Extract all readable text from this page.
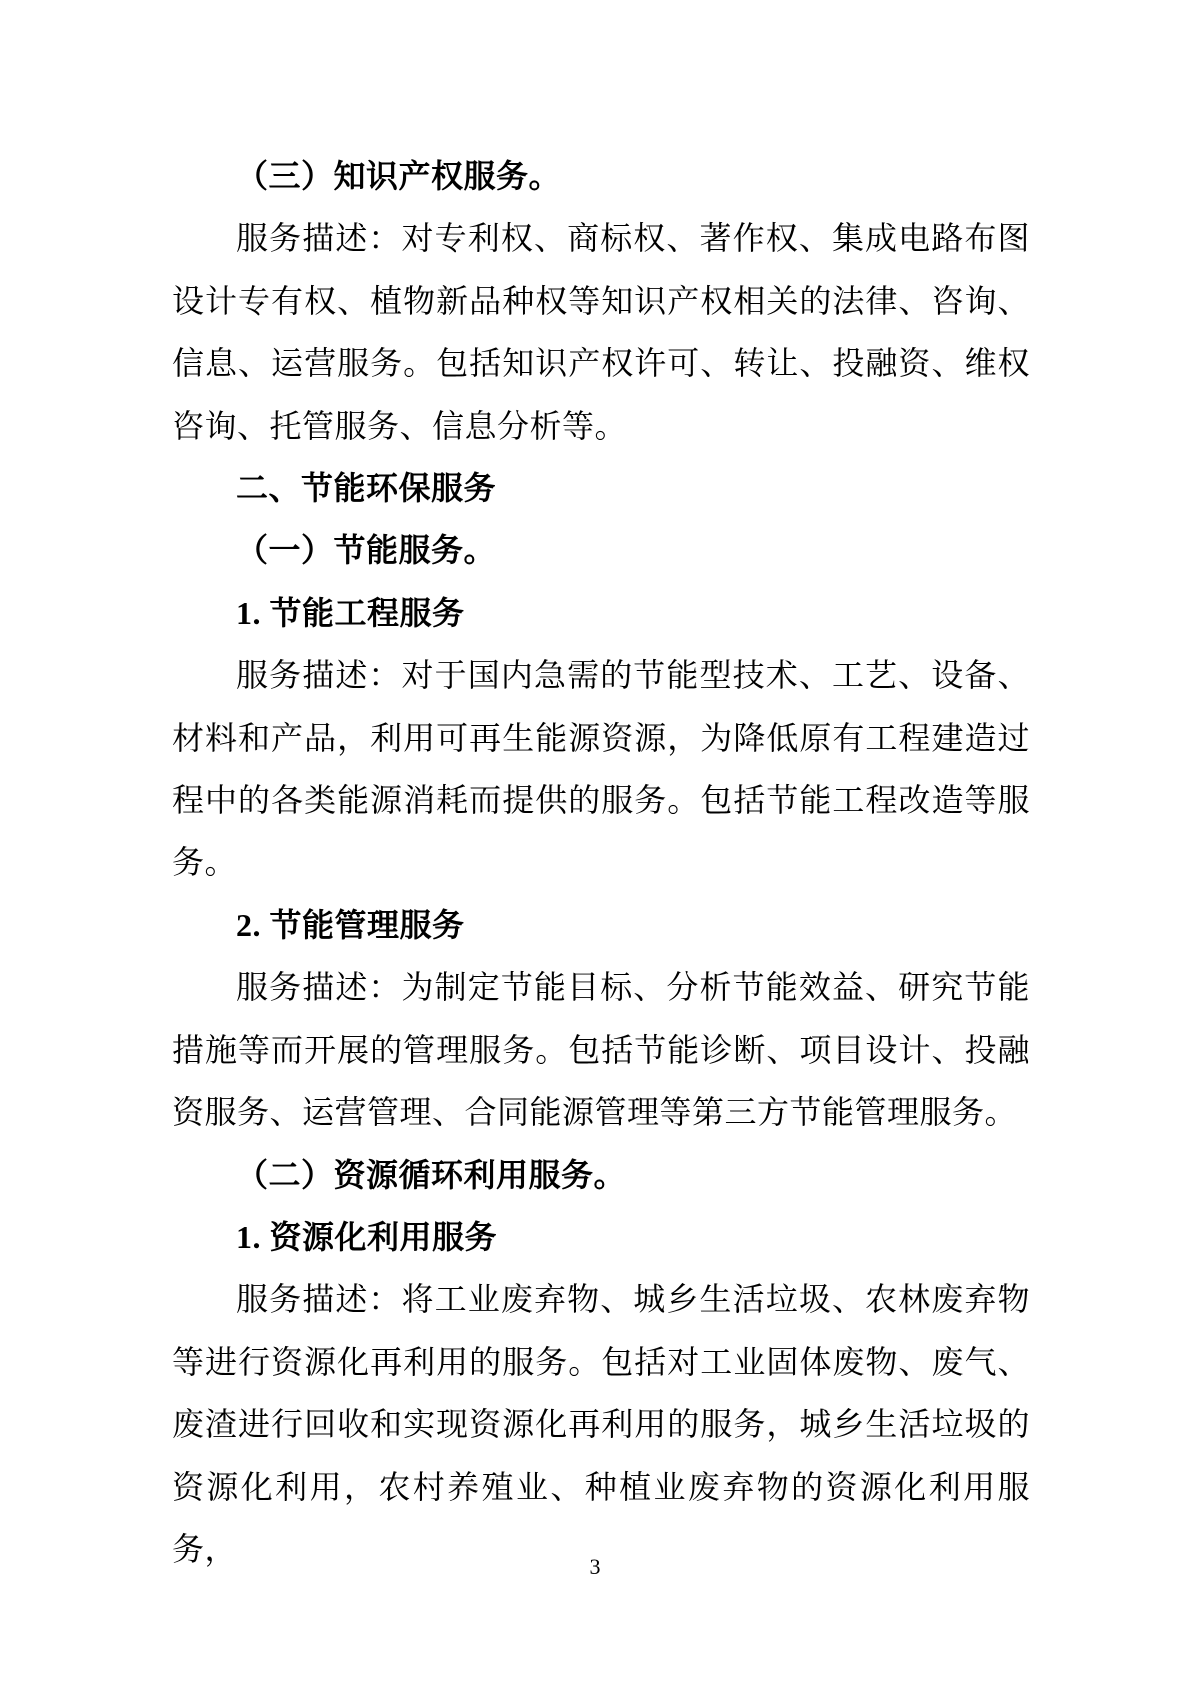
（三）知识产权服务。

服务描述：对专利权、商标权、著作权、集成电路布图设计专有权、植物新品种权等知识产权相关的法律、咨询、信息、运营服务。包括知识产权许可、转让、投融资、维权咨询、托管服务、信息分析等。

二、节能环保服务

（一）节能服务。

1. 节能工程服务

服务描述：对于国内急需的节能型技术、工艺、设备、材料和产品，利用可再生能源资源，为降低原有工程建造过程中的各类能源消耗而提供的服务。包括节能工程改造等服务。

2. 节能管理服务

服务描述：为制定节能目标、分析节能效益、研究节能措施等而开展的管理服务。包括节能诊断、项目设计、投融资服务、运营管理、合同能源管理等第三方节能管理服务。

（二）资源循环利用服务。

1. 资源化利用服务

服务描述：将工业废弃物、城乡生活垃圾、农林废弃物等进行资源化再利用的服务。包括对工业固体废物、废气、废渣进行回收和实现资源化再利用的服务，城乡生活垃圾的资源化利用，农村养殖业、种植业废弃物的资源化利用服务，	3
